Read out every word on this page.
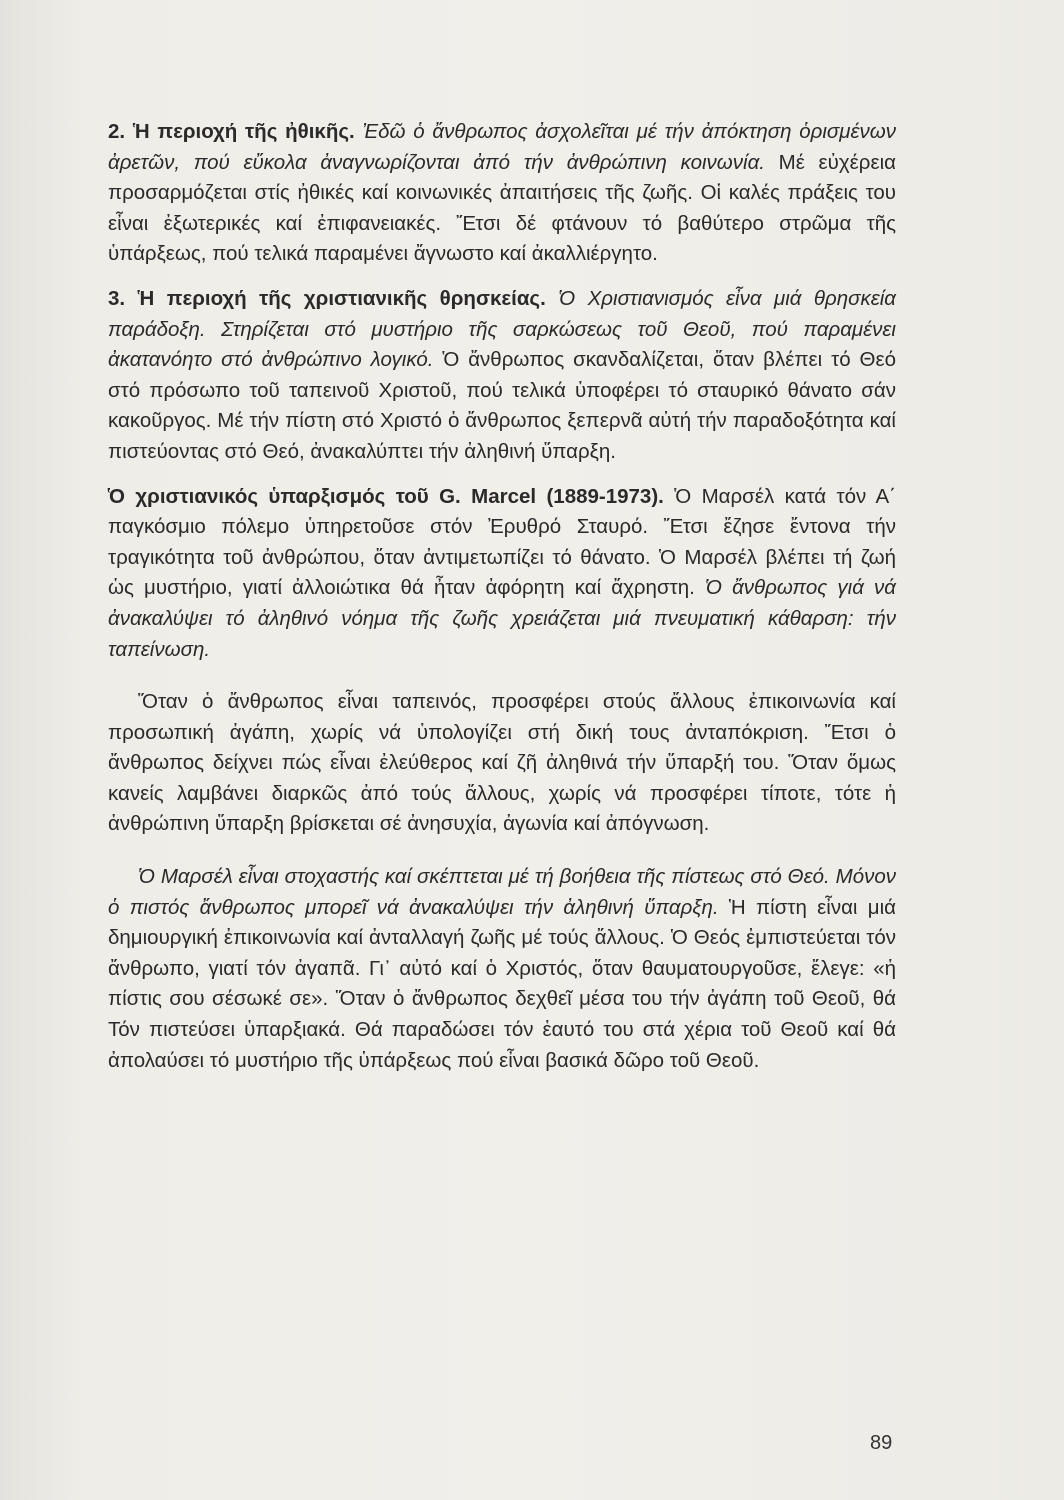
2. Ἡ περιοχή τῆς ἠθικῆς. Ἐδῶ ὁ ἄνθρωπος ἀσχολεῖται μέ τήν ἀπόκτηση ὁρισμένων ἀρετῶν, πού εὔκολα ἀναγνωρίζονται ἀπό τήν ἀνθρώπινη κοινωνία. Μέ εὐχέρεια προσαρμόζεται στίς ἠθικές καί κοινωνικές ἀπαιτήσεις τῆς ζωῆς. Οἱ καλές πράξεις του εἶναι ἐξωτερικές καί ἐπιφανειακές. Ἔτσι δέ φτάνουν τό βαθύτερο στρῶμα τῆς ὑπάρξεως, πού τελικά παραμένει ἄγνωστο καί ἀκαλλιέργητο.

3. Ἡ περιοχή τῆς χριστιανικῆς θρησκείας. Ὁ Χριστιανισμός εἶνα μιά θρησκεία παράδοξη. Στηρίζεται στό μυστήριο τῆς σαρκώσεως τοῦ Θεοῦ, πού παραμένει ἀκατανόητο στό ἀνθρώπινο λογικό. Ὁ ἄνθρωπος σκανδαλίζεται, ὅταν βλέπει τό Θεό στό πρόσωπο τοῦ ταπεινοῦ Χριστοῦ, πού τελικά ὑποφέρει τό σταυρικό θάνατο σάν κακοῦργος. Μέ τήν πίστη στό Χριστό ὁ ἄνθρωπος ξεπερνᾶ αὐτή τήν παραδοξότητα καί πιστεύοντας στό Θεό, ἀνακαλύπτει τήν ἀληθινή ὕπαρξη.

Ὁ χριστιανικός ὑπαρξισμός τοῦ G. Marcel (1889-1973). Ὁ Μαρσέλ κατά τόν Α΄ παγκόσμιο πόλεμο ὑπηρετοῦσε στόν Ἐρυθρό Σταυρό. Ἔτσι ἔζησε ἔντονα τήν τραγικότητα τοῦ ἀνθρώπου, ὅταν ἀντιμετωπίζει τό θάνατο. Ὁ Μαρσέλ βλέπει τή ζωή ὡς μυστήριο, γιατί ἀλλοιώτικα θά ἦταν ἀφόρητη καί ἄχρηστη. Ὁ ἄνθρωπος γιά νά ἀνακαλύψει τό ἀληθινό νόημα τῆς ζωῆς χρειάζεται μιά πνευματική κάθαρση: τήν ταπείνωση.

Ὅταν ὁ ἄνθρωπος εἶναι ταπεινός, προσφέρει στούς ἄλλους ἐπικοινωνία καί προσωπική ἀγάπη, χωρίς νά ὑπολογίζει στή δική τους ἀνταπόκριση. Ἔτσι ὁ ἄνθρωπος δείχνει πώς εἶναι ἐλεύθερος καί ζῆ ἀληθινά τήν ὕπαρξή του. Ὅταν ὅμως κανείς λαμβάνει διαρκῶς ἀπό τούς ἄλλους, χωρίς νά προσφέρει τίποτε, τότε ἡ ἀνθρώπινη ὕπαρξη βρίσκεται σέ ἀνησυχία, ἀγωνία καί ἀπόγνωση.

Ὁ Μαρσέλ εἶναι στοχαστής καί σκέπτεται μέ τή βοήθεια τῆς πίστεως στό Θεό. Μόνον ὁ πιστός ἄνθρωπος μπορεῖ νά ἀνακαλύψει τήν ἀληθινή ὕπαρξη. Ἡ πίστη εἶναι μιά δημιουργική ἐπικοινωνία καί ἀνταλλαγή ζωῆς μέ τούς ἄλλους. Ὁ Θεός ἐμπιστεύεται τόν ἄνθρωπο, γιατί τόν ἀγαπᾶ. Γι᾽ αὐτό καί ὁ Χριστός, ὅταν θαυματουργοῦσε, ἔλεγε: «ἡ πίστις σου σέσωκέ σε». Ὅταν ὁ ἄνθρωπος δεχθεῖ μέσα του τήν ἀγάπη τοῦ Θεοῦ, θά Τόν πιστεύσει ὑπαρξιακά. Θά παραδώσει τόν ἑαυτό του στά χέρια τοῦ Θεοῦ καί θά ἀπολαύσει τό μυστήριο τῆς ὑπάρξεως πού εἶναι βασικά δῶρο τοῦ Θεοῦ.

89
